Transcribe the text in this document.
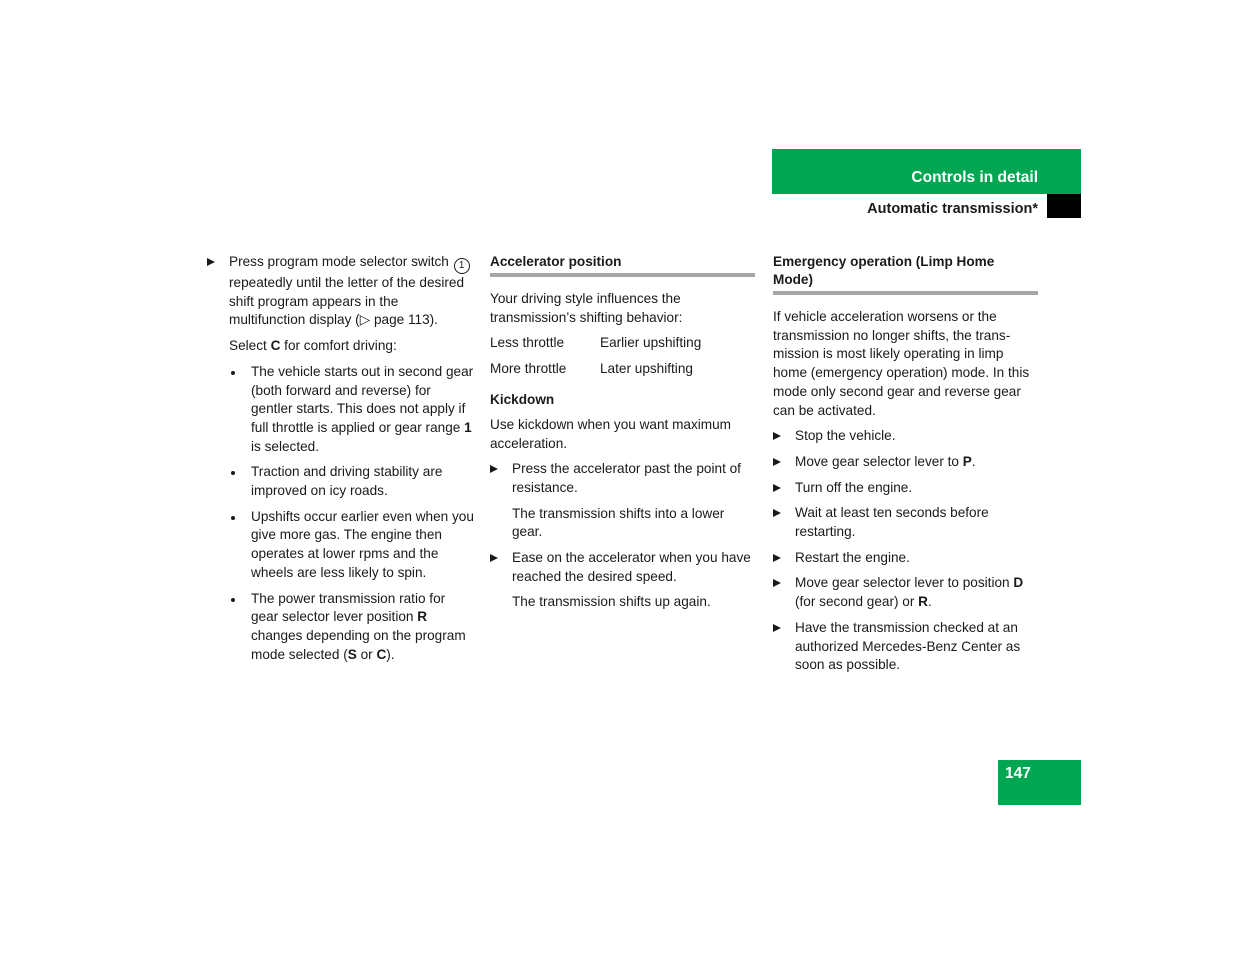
Controls in detail
Automatic transmission*

Press program mode selector switch 1 repeatedly until the letter of the desired shift program appears in the multifunction display (▷ page 113).

Select C for comfort driving:

The vehicle starts out in second gear (both forward and reverse) for gentler starts. This does not apply if full throttle is applied or gear range 1 is selected.

Traction and driving stability are improved on icy roads.

Upshifts occur earlier even when you give more gas. The engine then operates at lower rpms and the wheels are less likely to spin.

The power transmission ratio for gear selector lever position R changes depending on the program mode selected (S or C).

Accelerator position

Your driving style influences the transmission’s shifting behavior:

Less throttle	Earlier upshifting
More throttle	Later upshifting
Kickdown

Use kickdown when you want maximum acceleration.

Press the accelerator past the point of resistance.

The transmission shifts into a lower gear.

Ease on the accelerator when you have reached the desired speed.

The transmission shifts up again.

Emergency operation (Limp Home Mode)

If vehicle acceleration worsens or the transmission no longer shifts, the trans-mission is most likely operating in limp home (emergency operation) mode. In this mode only second gear and reverse gear can be activated.

Stop the vehicle.

Move gear selector lever to P.

Turn off the engine.

Wait at least ten seconds before restarting.

Restart the engine.

Move gear selector lever to position D (for second gear) or R.

Have the transmission checked at an authorized Mercedes-Benz Center as soon as possible.

147
